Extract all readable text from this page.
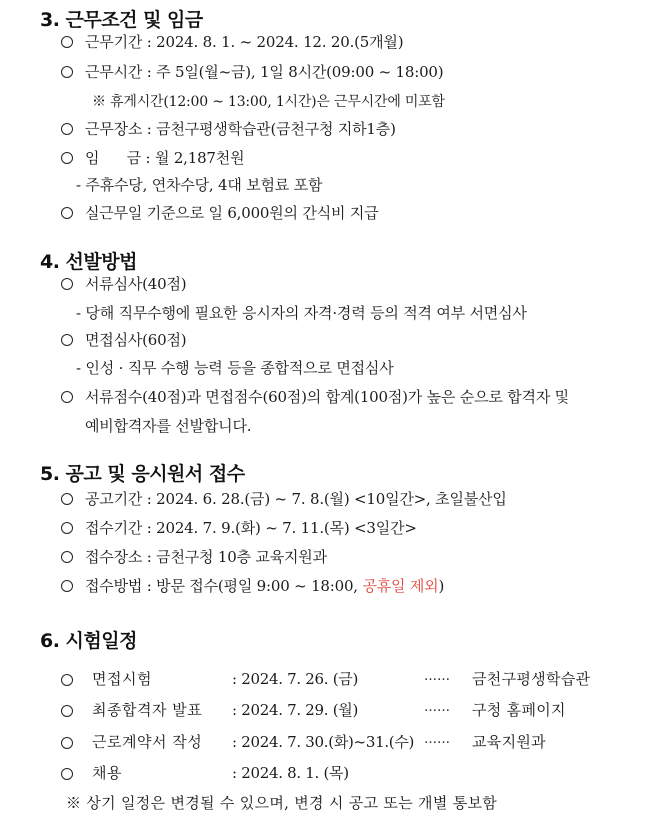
3. 근무조건 및 임금
근무기간 : 2024. 8. 1. ~ 2024. 12. 20.(5개월)
근무시간 : 주 5일(월~금), 1일 8시간(09:00 ~ 18:00)
※ 휴게시간(12:00 ~ 13:00, 1시간)은 근무시간에 미포함
근무장소 : 금천구평생학습관(금천구청 지하1층)
임      금 : 월 2,187천원
- 주휴수당, 연차수당, 4대 보험료 포함
실근무일 기준으로 일 6,000원의 간식비 지급
4. 선발방법
서류심사(40점)
- 당해 직무수행에 필요한 응시자의 자격·경력 등의 적격 여부 서면심사
면접심사(60점)
- 인성 · 직무 수행 능력 등을 종합적으로 면접심사
서류점수(40점)과 면접점수(60점)의 합계(100점)가 높은 순으로 합격자 및
예비합격자를 선발합니다.
5. 공고 및 응시원서 접수
공고기간 : 2024. 6. 28.(금) ~ 7. 8.(월) <10일간>, 초일불산입
접수기간 : 2024. 7. 9.(화) ~ 7. 11.(목) <3일간>
접수장소 : 금천구청 10층 교육지원과
접수방법 : 방문 접수(평일 9:00 ~ 18:00, 공휴일 제외)
6. 시험일정
면접시험	: 2024. 7. 26. (금)	…… 금천구평생학습관
최종합격자 발표 : 2024. 7. 29. (월)	…… 구청 홈페이지
근로계약서 작성 : 2024. 7. 30.(화)~31.(수) …… 교육지원과
채용	: 2024. 8. 1. (목)
※ 상기 일정은 변경될 수 있으며, 변경 시 공고 또는 개별 통보함
